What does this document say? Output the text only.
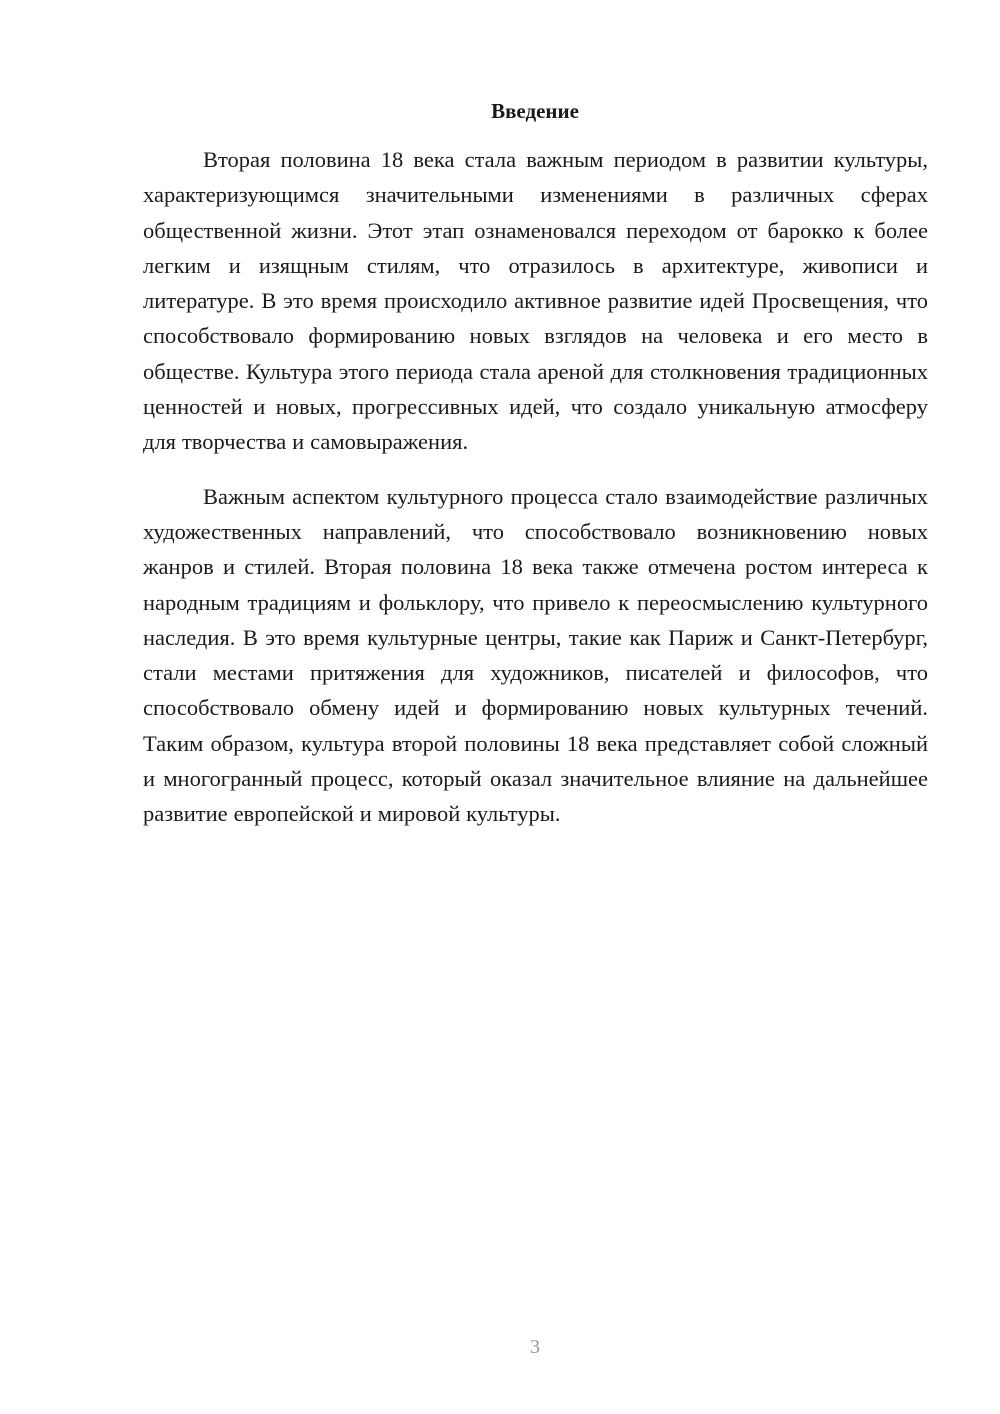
Введение

Вторая половина 18 века стала важным периодом в развитии культуры, характеризующимся значительными изменениями в различных сферах общественной жизни. Этот этап ознаменовался переходом от барокко к более легким и изящным стилям, что отразилось в архитектуре, живописи и литературе. В это время происходило активное развитие идей Просвещения, что способствовало формированию новых взглядов на человека и его место в обществе. Культура этого периода стала ареной для столкновения традиционных ценностей и новых, прогрессивных идей, что создало уникальную атмосферу для творчества и самовыражения.

Важным аспектом культурного процесса стало взаимодействие различных художественных направлений, что способствовало возникновению новых жанров и стилей. Вторая половина 18 века также отмечена ростом интереса к народным традициям и фольклору, что привело к переосмыслению культурного наследия. В это время культурные центры, такие как Париж и Санкт-Петербург, стали местами притяжения для художников, писателей и философов, что способствовало обмену идей и формированию новых культурных течений. Таким образом, культура второй половины 18 века представляет собой сложный и многогранный процесс, который оказал значительное влияние на дальнейшее развитие европейской и мировой культуры.

3
